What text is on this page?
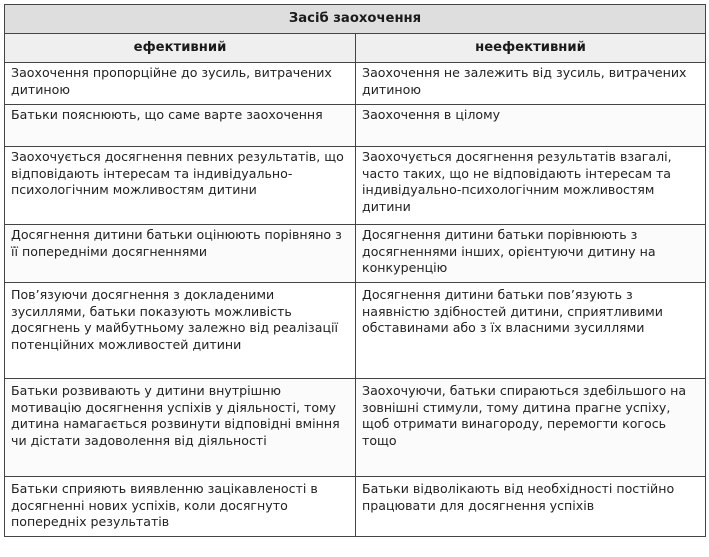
Засіб заохочення	
ефективний	неефективний
Заохочення пропорційне до зусиль, витрачених дитиною	Заохочення не залежить від зусиль, витрачених дитиною
Батьки пояснюють, що саме варте заохочення	Заохочення в цілому
Заохочується досягнення певних результатів, що відповідають інтересам та індивідуально-психологічним можливостям дитини	Заохочується досягнення результатів взагалі, часто таких, що не відповідають інтересам та індивідуально-психологічним можливостям дитини
Досягнення дитини батьки оцінюють порівняно з її попередніми досягненнями	Досягнення дитини батьки порівнюють з досягненнями інших, орієнтуючи дитину на конкуренцію
Пов’язуючи досягнення з докладеними зусиллями, батьки показують можливість досягнень у майбутньому залежно від реалізації потенційних можливостей дитини	Досягнення дитини батьки пов’язують з наявністю здібностей дитини, сприятливими обставинами або з їх власними зусиллями
Батьки розвивають у дитини внутрішню мотивацію досягнення успіхів у діяльності, тому дитина намагається розвинути відповідні вміння чи дістати задоволення від діяльності	Заохочуючи, батьки спираються здебільшого на зовнішні стимули, тому дитина прагне успіху, щоб отримати винагороду, перемогти когось тощо
Батьки сприяють виявленню зацікавленості в досягненні нових успіхів, коли досягнуто попередніх результатів	Батьки відволікають від необхідності постійно працювати для досягнення успіхів
